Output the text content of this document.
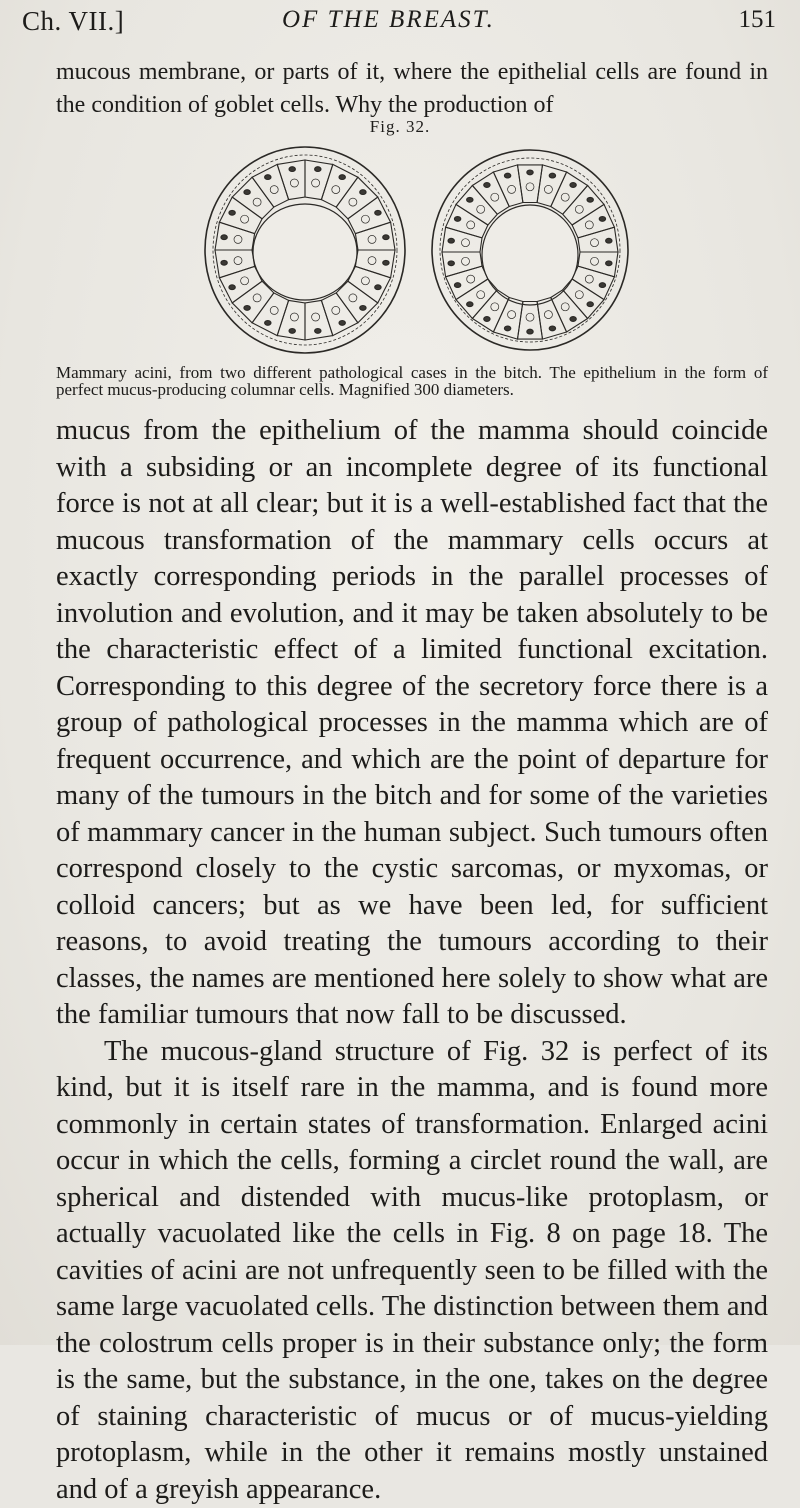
Ch. VII.]	OF THE BREAST.	151
mucous membrane, or parts of it, where the epithelial cells are found in the condition of goblet cells. Why the production of
Fig. 32.
Mammary acini, from two different pathological cases in the bitch. The epithelium in the form of perfect mucus-producing columnar cells. Magnified 300 diameters.

mucus from the epithelium of the mamma should coincide with a subsiding or an incomplete degree of its functional force is not at all clear; but it is a well-established fact that the mucous transformation of the mammary cells occurs at exactly corresponding periods in the parallel processes of involution and evolution, and it may be taken absolutely to be the characteristic effect of a limited functional excitation. Corresponding to this degree of the secretory force there is a group of pathological processes in the mamma which are of frequent occurrence, and which are the point of departure for many of the tumours in the bitch and for some of the varieties of mammary cancer in the human subject. Such tumours often correspond closely to the cystic sarcomas, or myxomas, or colloid cancers; but as we have been led, for sufficient reasons, to avoid treating the tumours according to their classes, the names are mentioned here solely to show what are the familiar tumours that now fall to be discussed.

The mucous-gland structure of Fig. 32 is perfect of its kind, but it is itself rare in the mamma, and is found more commonly in certain states of transformation. Enlarged acini occur in which the cells, forming a circlet round the wall, are spherical and distended with mucus-like protoplasm, or actually vacuolated like the cells in Fig. 8 on page 18. The cavities of acini are not unfrequently seen to be filled with the same large vacuolated cells. The distinction between them and the colostrum cells proper is in their substance only; the form is the same, but the substance, in the one, takes on the degree of staining characteristic of mucus or of mucus-yielding protoplasm, while in the other it remains mostly unstained and of a greyish appearance.
